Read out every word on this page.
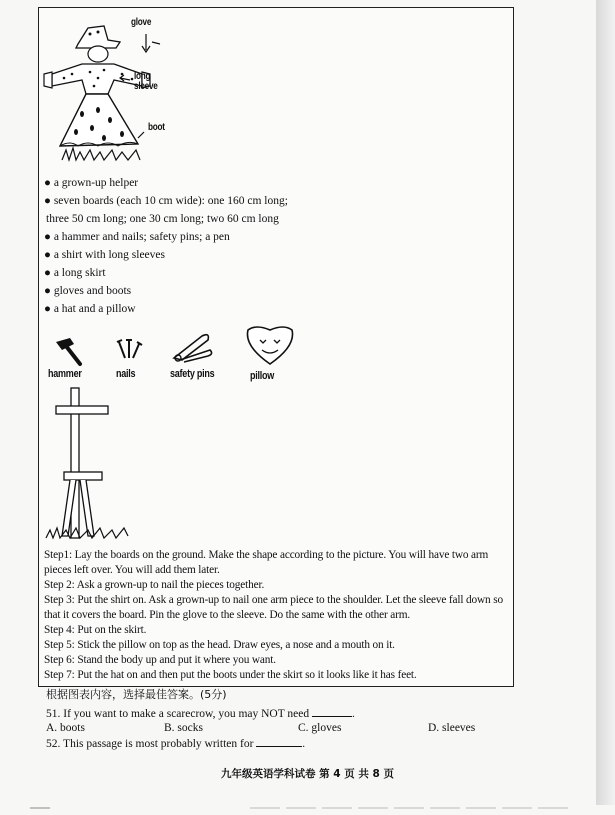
glove
long
sleeve
boot
● a grown-up helper
● seven boards (each 10 cm wide): one 160 cm long;
three 50 cm long; one 30 cm long; two 60 cm long
● a hammer and nails; safety pins; a pen
● a shirt with long sleeves
● a long skirt
● gloves and boots
● a hat and a pillow
hammer	nails	safety pins	pillow
Step1: Lay the boards on the ground. Make the shape according to the picture. You will have two arm pieces left over. You will add them later.
Step 2: Ask a grown-up to nail the pieces together.
Step 3: Put the shirt on. Ask a grown-up to nail one arm piece to the shoulder. Let the sleeve fall down so that it covers the board. Pin the glove to the sleeve. Do the same with the other arm.
Step 4: Put on the skirt.
Step 5: Stick the pillow on top as the head. Draw eyes, a nose and a mouth on it.
Step 6: Stand the body up and put it where you want.
Step 7: Put the hat on and then put the boots under the skirt so it looks like it has feet.
根据图表内容，选择最佳答案。(5分)
51. If you want to make a scarecrow, you may NOT need	.
A. boots	B. socks	C. gloves	D. sleeves
52. This passage is most probably written for	.
九年级英语学科试卷 第 4 页 共 8 页
